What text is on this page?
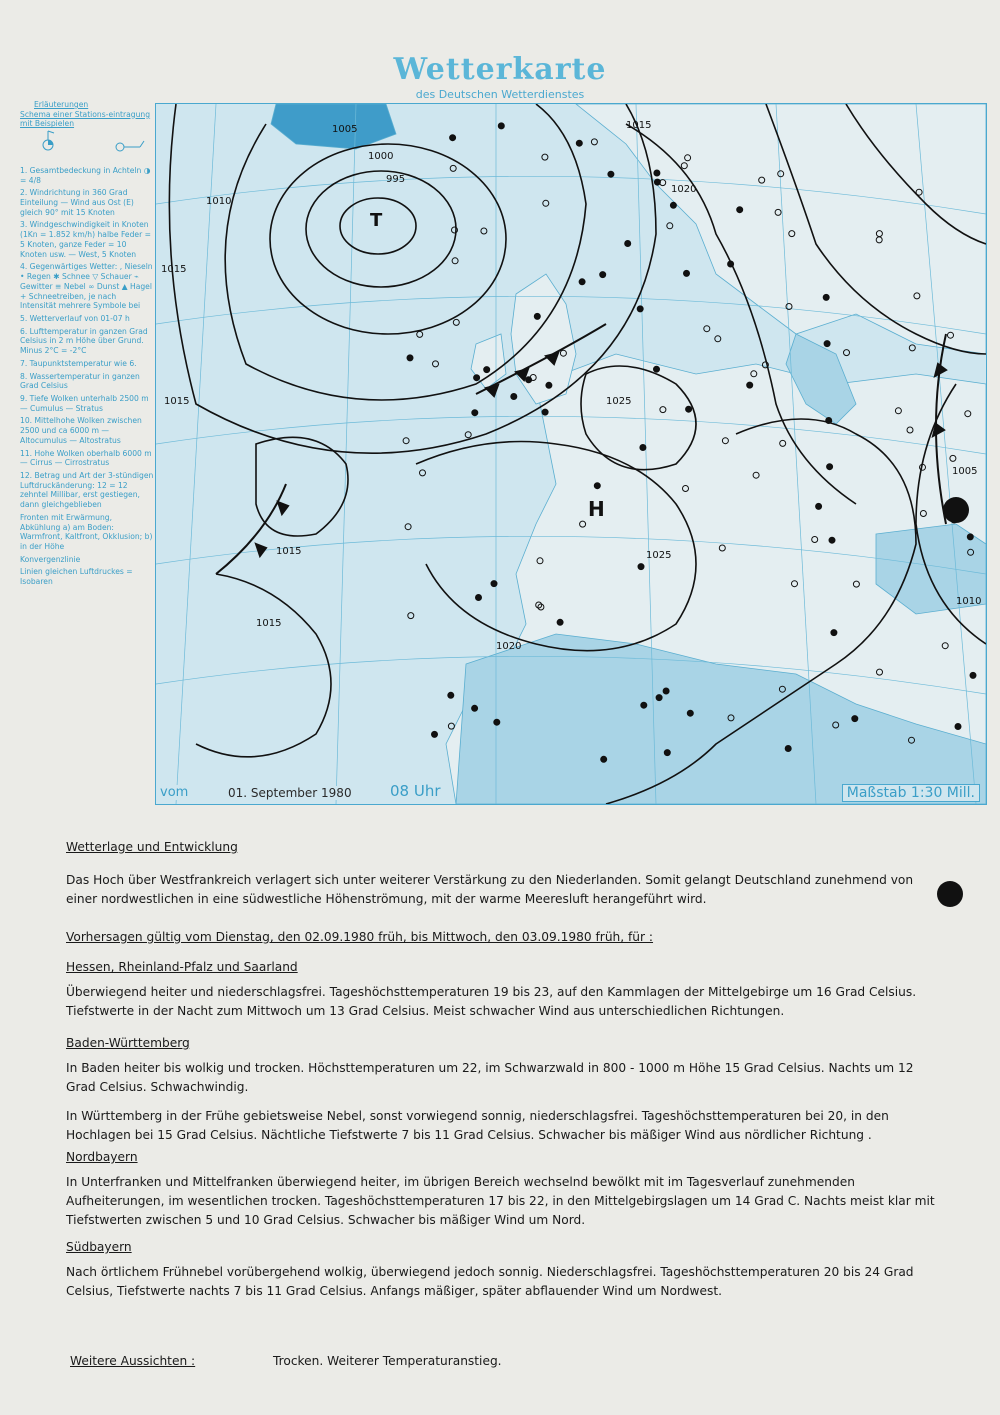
Wetterkarte
des Deutschen Wetterdienstes
Erläuterungen
Schema einer Stations-eintragung mit Beispielen
1. Gesamtbedeckung in Achteln ◑ = 4/8
2. Windrichtung in 360 Grad Einteilung — Wind aus Ost (E) gleich 90° mit 15 Knoten
3. Windgeschwindigkeit in Knoten (1Kn = 1.852 km/h) halbe Feder = 5 Knoten, ganze Feder = 10 Knoten usw. — West, 5 Knoten
4. Gegenwärtiges Wetter: , Nieseln • Regen ✱ Schnee ▽ Schauer ⌁ Gewitter ≡ Nebel ∞ Dunst ▲ Hagel + Schneetreiben, je nach Intensität mehrere Symbole bei
5. Wetterverlauf von 01-07 h
6. Lufttemperatur in ganzen Grad Celsius in 2 m Höhe über Grund. Minus 2°C = -2°C
7. Taupunktstemperatur wie 6.
8. Wassertemperatur in ganzen Grad Celsius
9. Tiefe Wolken unterhalb 2500 m — Cumulus — Stratus
10. Mittelhohe Wolken zwischen 2500 und ca 6000 m — Altocumulus — Altostratus
11. Hohe Wolken oberhalb 6000 m — Cirrus — Cirrostratus
12. Betrag und Art der 3-stündigen Luftdruckänderung: 12 = 12 zehntel Millibar, erst gestiegen, dann gleichgeblieben
Fronten mit Erwärmung, Abkühlung a) am Boden: Warmfront, Kaltfront, Okklusion; b) in der Höhe
Konvergenzlinie
Linien gleichen Luftdruckes = Isobaren
T
H
995
1000
1005
1010
1015
1015
1020
1025
1015
1020
1025
1005
1010
1015
1015
vom	01. September 1980	08 Uhr	Maßstab 1:30 Mill.
Wetterlage und Entwicklung

Das Hoch über Westfrankreich verlagert sich unter weiterer Verstärkung zu den Niederlanden. Somit gelangt Deutschland zunehmend von einer nordwestlichen in eine südwestliche Höhenströmung, mit der warme Meeresluft herangeführt wird.

Vorhersagen gültig vom Dienstag, den 02.09.1980 früh, bis Mittwoch, den 03.09.1980 früh, für :
Hessen, Rheinland-Pfalz und Saarland

Überwiegend heiter und niederschlagsfrei. Tageshöchsttemperaturen 19 bis 23, auf den Kammlagen der Mittelgebirge um 16 Grad Celsius. Tiefstwerte in der Nacht zum Mittwoch um 13 Grad Celsius. Meist schwacher Wind aus unterschiedlichen Richtungen.

Baden-Württemberg

In Baden heiter bis wolkig und trocken. Höchsttemperaturen um 22, im Schwarzwald in 800 - 1000 m Höhe 15 Grad Celsius. Nachts um 12 Grad Celsius. Schwachwindig.

In Württemberg in der Frühe gebietsweise Nebel, sonst vorwiegend sonnig, niederschlagsfrei. Tageshöchsttemperaturen bei 20, in den Hochlagen bei 15 Grad Celsius. Nächtliche Tiefstwerte 7 bis 11 Grad Celsius. Schwacher bis mäßiger Wind aus nördlicher Richtung .

Nordbayern

In Unterfranken und Mittelfranken überwiegend heiter, im übrigen Bereich wechselnd bewölkt mit im Tagesverlauf zunehmenden Aufheiterungen, im wesentlichen trocken. Tageshöchsttemperaturen 17 bis 22, in den Mittelgebirgslagen um 14 Grad C. Nachts meist klar mit Tiefstwerten zwischen 5 und 10 Grad Celsius. Schwacher bis mäßiger Wind um Nord.

Südbayern

Nach örtlichem Frühnebel vorübergehend wolkig, überwiegend jedoch sonnig. Niederschlagsfrei. Tageshöchsttemperaturen 20 bis 24 Grad Celsius, Tiefstwerte nachts 7 bis 11 Grad Celsius. Anfangs mäßiger, später abflauender Wind um Nordwest.

Weitere Aussichten :	Trocken. Weiterer Temperaturanstieg.
